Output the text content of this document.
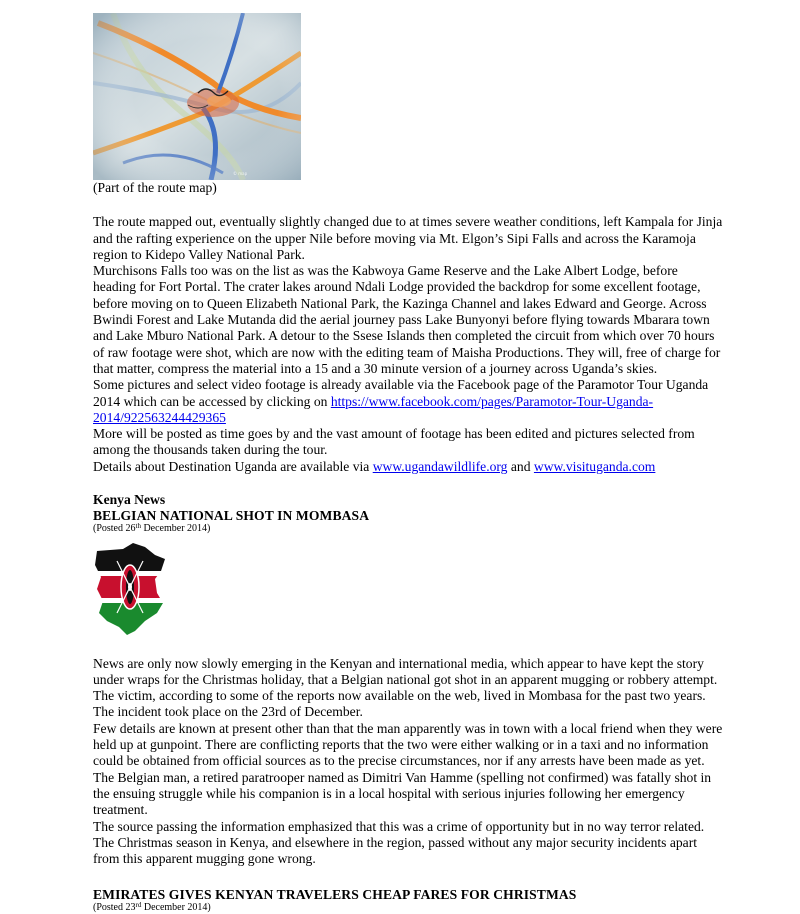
© map

(Part of the route map)

The route mapped out, eventually slightly changed due to at times severe weather conditions, left Kampala for Jinja and the rafting experience on the upper Nile before moving via Mt. Elgon’s Sipi Falls and across the Karamoja region to Kidepo Valley National Park.

Murchisons Falls too was on the list as was the Kabwoya Game Reserve and the Lake Albert Lodge, before heading for Fort Portal. The crater lakes around Ndali Lodge provided the backdrop for some excellent footage, before moving on to Queen Elizabeth National Park, the Kazinga Channel and lakes Edward and George. Across Bwindi Forest and Lake Mutanda did the aerial journey pass Lake Bunyonyi before flying towards Mbarara town and Lake Mburo National Park. A detour to the Ssese Islands then completed the circuit from which over 70 hours of raw footage were shot, which are now with the editing team of Maisha Productions. They will, free of charge for that matter, compress the material into a 15 and a 30 minute version of a journey across Uganda’s skies.

Some pictures and select video footage is already available via the Facebook page of the Paramotor Tour Uganda 2014 which can be accessed by clicking on https://www.facebook.com/pages/Paramotor-Tour-Uganda-2014/922563244429365

More will be posted as time goes by and the vast amount of footage has been edited and pictures selected from among the thousands taken during the tour.

Details about Destination Uganda are available via www.ugandawildlife.org and www.visituganda.com

Kenya News

BELGIAN NATIONAL SHOT IN MOMBASA

(Posted 26th December 2014)

News are only now slowly emerging in the Kenyan and international media, which appear to have kept the story under wraps for the Christmas holiday, that a Belgian national got shot in an apparent mugging or robbery attempt.

The victim, according to some of the reports now available on the web, lived in Mombasa for the past two years.

The incident took place on the 23rd of December.

Few details are known at present other than that the man apparently was in town with a local friend when they were held up at gunpoint. There are conflicting reports that the two were either walking or in a taxi and no information could be obtained from official sources as to the precise circumstances, nor if any arrests have been made as yet.

The Belgian man, a retired paratrooper named as Dimitri Van Hamme (spelling not confirmed) was fatally shot in the ensuing struggle while his companion is in a local hospital with serious injuries following her emergency treatment.

The source passing the information emphasized that this was a crime of opportunity but in no way terror related.

The Christmas season in Kenya, and elsewhere in the region, passed without any major security incidents apart from this apparent mugging gone wrong.

EMIRATES GIVES KENYAN TRAVELERS CHEAP FARES FOR CHRISTMAS

(Posted 23rd December 2014)
